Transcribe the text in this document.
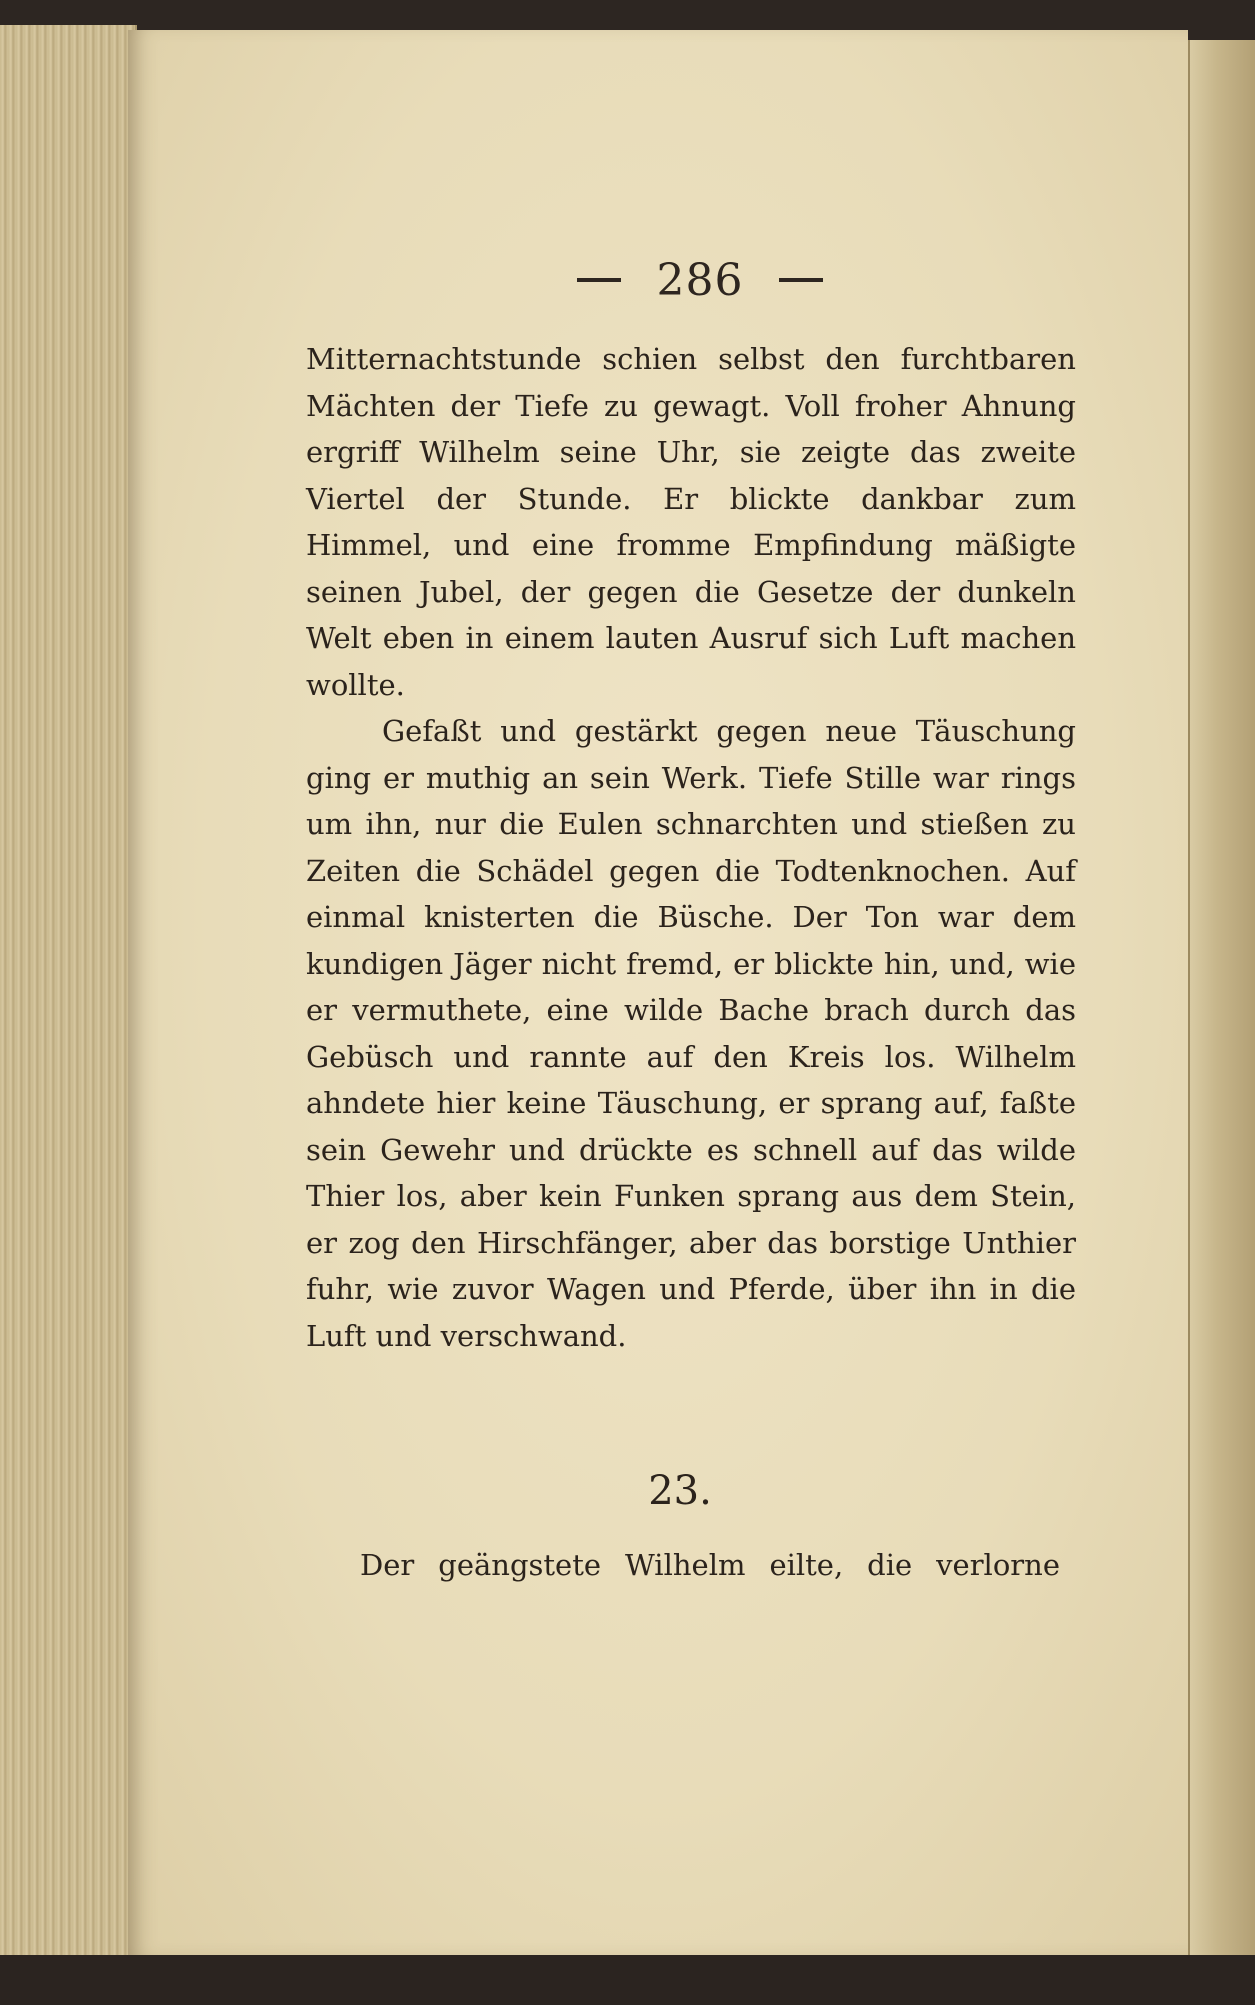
286

Mitternachtstunde schien selbst den furchtbaren Mächten der Tiefe zu gewagt. Voll froher Ahnung ergriff Wilhelm seine Uhr, sie zeigte das zweite Viertel der Stunde. Er blickte dankbar zum Himmel, und eine fromme Empfindung mäßigte seinen Jubel, der gegen die Gesetze der dunkeln Welt eben in einem lauten Ausruf sich Luft machen wollte.

Gefaßt und gestärkt gegen neue Täuschung ging er muthig an sein Werk. Tiefe Stille war rings um ihn, nur die Eulen schnarchten und stießen zu Zeiten die Schädel gegen die Todtenknochen. Auf einmal knisterten die Büsche. Der Ton war dem kundigen Jäger nicht fremd, er blickte hin, und, wie er vermuthete, eine wilde Bache brach durch das Gebüsch und rannte auf den Kreis los. Wilhelm ahndete hier keine Täuschung, er sprang auf, faßte sein Gewehr und drückte es schnell auf das wilde Thier los, aber kein Funken sprang aus dem Stein, er zog den Hirschfänger, aber das borstige Unthier fuhr, wie zuvor Wagen und Pferde, über ihn in die Luft und verschwand.

23.
Der geängstete Wilhelm eilte, die verlorne
